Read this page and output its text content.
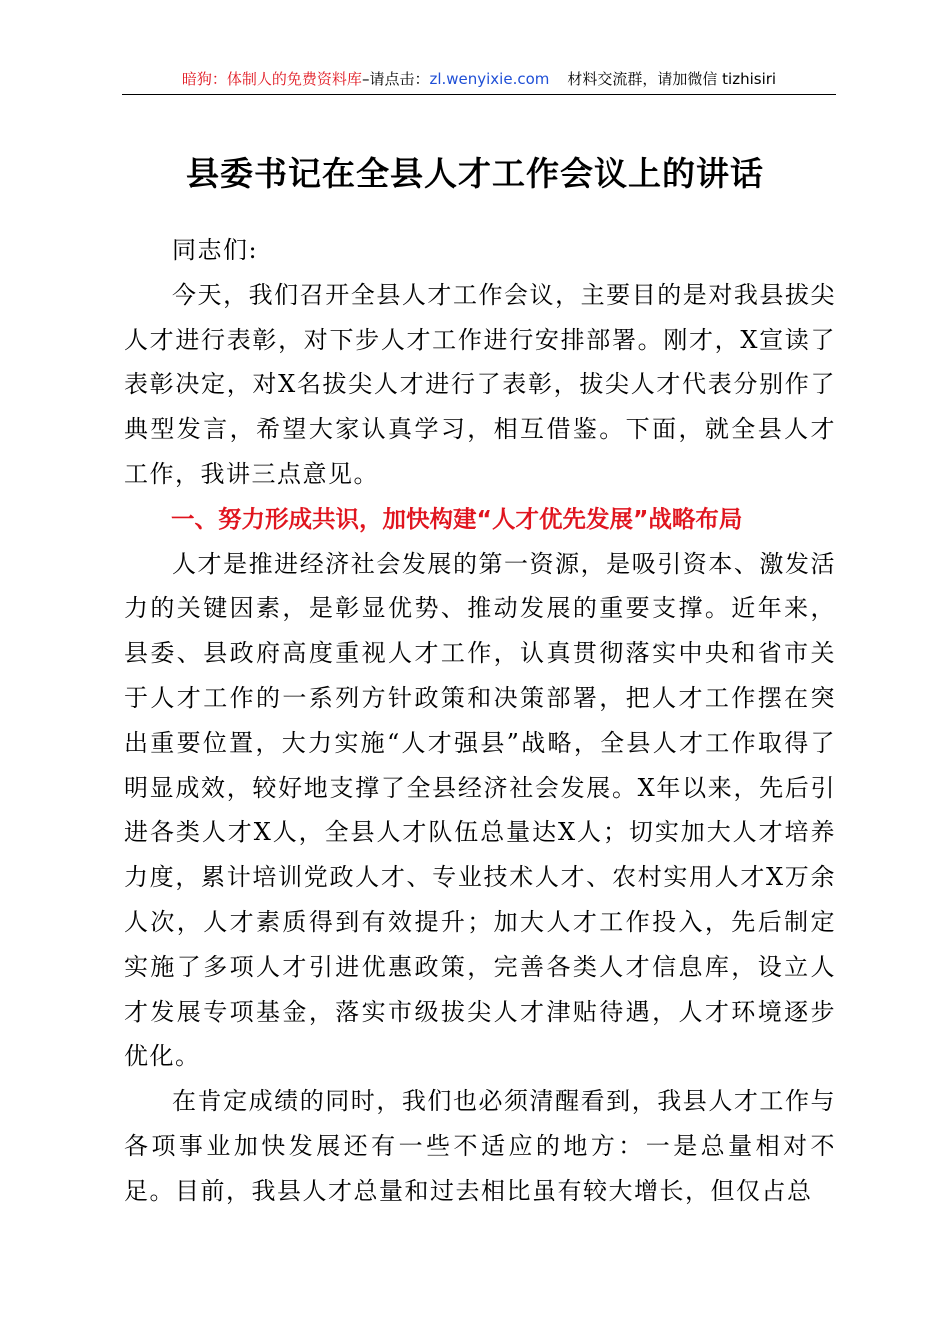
暗狗：体制人的免费资料库–请点击：zl.wenyixie.com 材料交流群，请加微信 tizhisiri
县委书记在全县人才工作会议上的讲话

同志们:

今天，我们召开全县人才工作会议，主要目的是对我县拔尖人才进行表彰，对下步人才工作进行安排部署。刚才，X宣读了表彰决定，对X名拔尖人才进行了表彰，拔尖人才代表分别作了典型发言，希望大家认真学习，相互借鉴。下面，就全县人才工作，我讲三点意见。

一、努力形成共识，加快构建“人才优先发展”战略布局

人才是推进经济社会发展的第一资源，是吸引资本、激发活力的关键因素，是彰显优势、推动发展的重要支撑。近年来，县委、县政府高度重视人才工作，认真贯彻落实中央和省市关于人才工作的一系列方针政策和决策部署，把人才工作摆在突出重要位置，大力实施“人才强县”战略，全县人才工作取得了明显成效，较好地支撑了全县经济社会发展。X年以来，先后引进各类人才X人，全县人才队伍总量达X人；切实加大人才培养力度，累计培训党政人才、专业技术人才、农村实用人才X万余人次，人才素质得到有效提升；加大人才工作投入，先后制定实施了多项人才引进优惠政策，完善各类人才信息库，设立人才发展专项基金，落实市级拔尖人才津贴待遇，人才环境逐步优化。

在肯定成绩的同时，我们也必须清醒看到，我县人才工作与各项事业加快发展还有一些不适应的地方：一是总量相对不足。目前，我县人才总量和过去相比虽有较大增长，但仅占总
